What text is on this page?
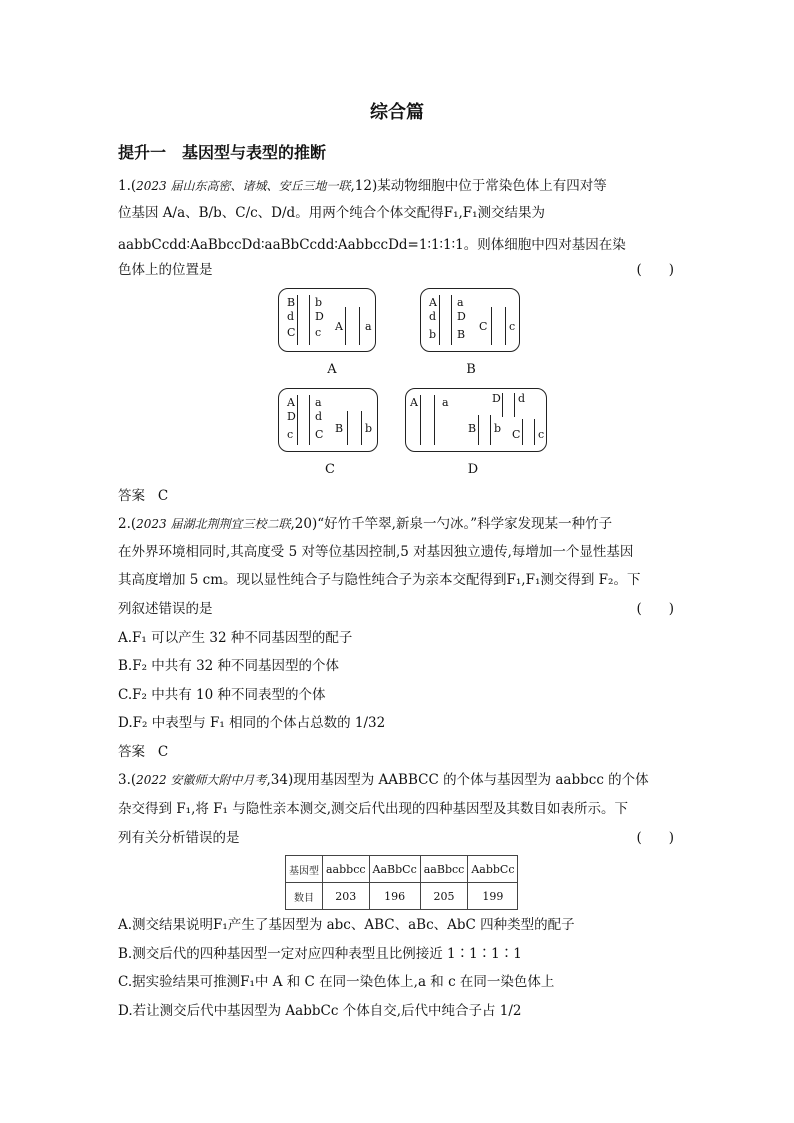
综合篇
提升一　基因型与表型的推断
1.(2023 届山东高密、诸城、安丘三地一联,12)某动物细胞中位于常染色体上有四对等
位基因 A/a、B/b、C/c、D/d。用两个纯合个体交配得F₁,F₁测交结果为
aabbCcdd∶AaBbccDd∶aaBbCcdd∶AabbccDd=1∶1∶1∶1。则体细胞中四对基因在染
色体上的位置是	(　　)
B b
d D
C c A a
A
A a
d D
b B
C c
B
A a
D d
c C B b
C
A a	D d
B b C c
D
答案 C
2.(2023 届湖北荆荆宜三校二联,20)“好竹千竿翠,新泉一勺冰。”科学家发现某一种竹子
在外界环境相同时,其高度受 5 对等位基因控制,5 对基因独立遗传,每增加一个显性基因
其高度增加 5 cm。现以显性纯合子与隐性纯合子为亲本交配得到F₁,F₁测交得到 F₂。下
列叙述错误的是	(　　)
A.F₁ 可以产生 32 种不同基因型的配子
B.F₂ 中共有 32 种不同基因型的个体
C.F₂ 中共有 10 种不同表型的个体
D.F₂ 中表型与 F₁ 相同的个体占总数的 1/32
答案 C
3.(2022 安徽师大附中月考,34)现用基因型为 AABBCC 的个体与基因型为 aabbcc 的个体
杂交得到 F₁,将 F₁ 与隐性亲本测交,测交后代出现的四种基因型及其数目如表所示。下
列有关分析错误的是	(　　)
基因型	aabbcc	AaBbCc	aaBbcc	AabbCc
数目	203	196	205	199
A.测交结果说明F₁产生了基因型为 abc、ABC、aBc、AbC 四种类型的配子
B.测交后代的四种基因型一定对应四种表型且比例接近 1∶1∶1∶1
C.据实验结果可推测F₁中 A 和 C 在同一染色体上,a 和 c 在同一染色体上
D.若让测交后代中基因型为 AabbCc 个体自交,后代中纯合子占 1/2
